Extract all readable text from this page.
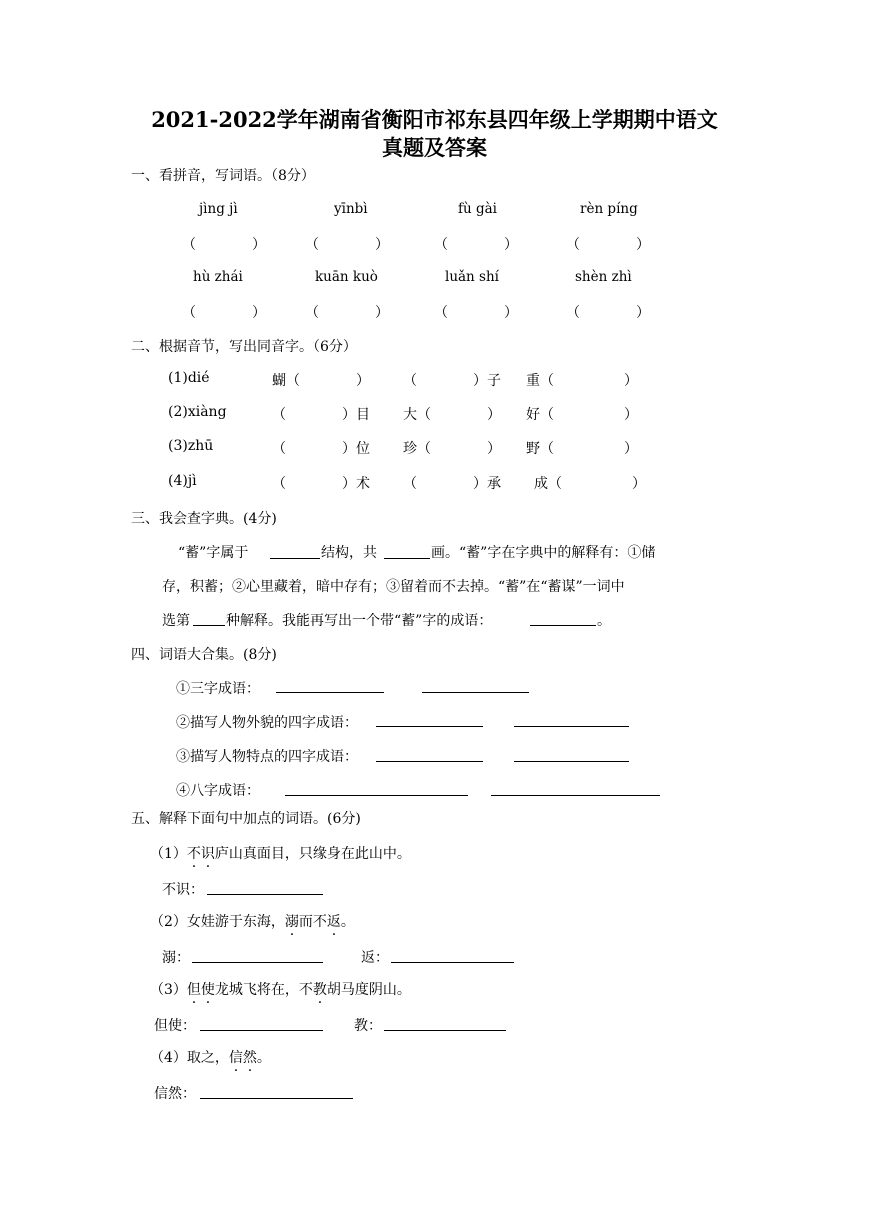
2021-2022学年湖南省衡阳市祁东县四年级上学期期中语文
真题及答案
一、看拼音，写词语。（8分）
jìng jì	yīnbì	fù gài	rèn píng
（　　　　）	（　　　　）	（　　　　）	（　　　　）
hù zhái	kuān kuò	luǎn shí	shèn zhì
（　　　　）	（　　　　）	（　　　　）	（　　　　）
二、根据音节，写出同音字。（6分）
(1)dié	蝴（　　　　） （　　　　）子 重（　　　　　）
(2)xiàng	（　　　　）目 大（　　　　） 好（　　　　　）
(3)zhū	（　　　　）位 珍（　　　　） 野（　　　　　）
(4)jì	（　　　　）术 （　　　　）承 成（　　　　　）
三、我会查字典。(4分)
“蓄”字属于	结构，共	画。“蓄”字在字典中的解释有：①储
存，积蓄；②心里藏着，暗中存有；③留着而不去掉。“蓄”在“蓄谋”一词中
选第	种解释。我能再写出一个带“蓄”字的成语：	。
四、词语大合集。(8分)
①三字成语：
②描写人物外貌的四字成语：
③描写人物特点的四字成语：
④八字成语：
五、解释下面句中加点的词语。(6分)
（1）不识庐山真面目，只缘身在此山中。
不识：
（2）女娃游于东海，溺而不返。
溺：	返：
（3）但使龙城飞将在，不教胡马度阴山。
但使：	教：
（4）取之，信然。
信然：
